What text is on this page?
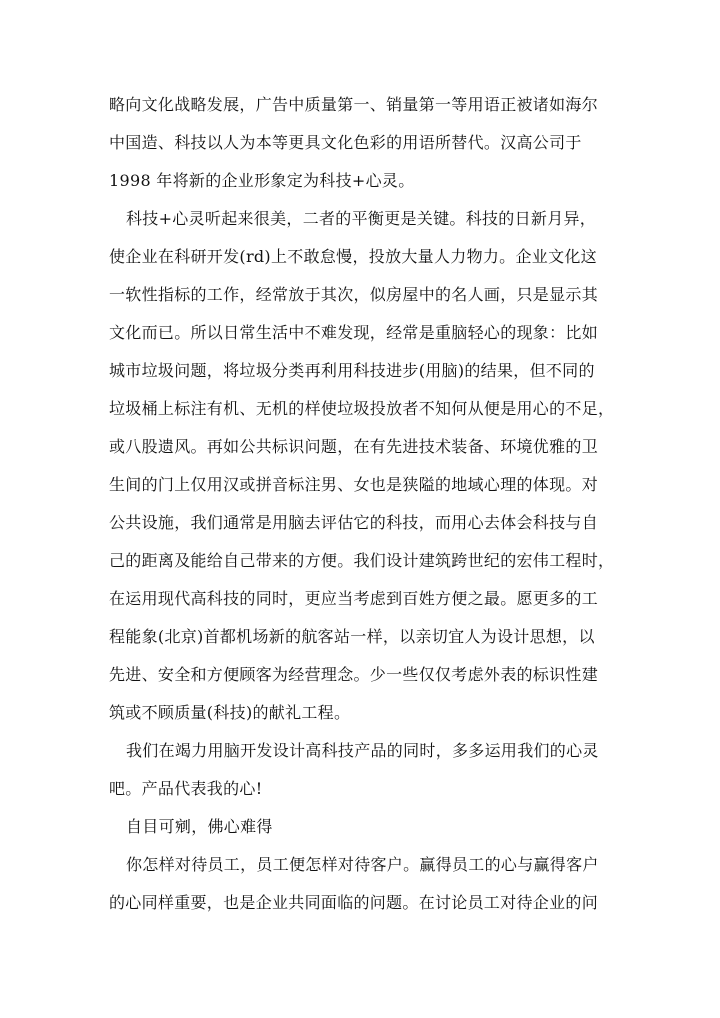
略向文化战略发展，广告中质量第一、销量第一等用语正被诸如海尔
中国造、科技以人为本等更具文化色彩的用语所替代。汉高公司于
1998 年将新的企业形象定为科技+心灵。
科技+心灵听起来很美，二者的平衡更是关键。科技的日新月异，
使企业在科研开发(rd)上不敢怠慢，投放大量人力物力。企业文化这
一软性指标的工作，经常放于其次，似房屋中的名人画，只是显示其
文化而已。所以日常生活中不难发现，经常是重脑轻心的现象：比如
城市垃圾问题，将垃圾分类再利用科技进步(用脑)的结果，但不同的
垃圾桶上标注有机、无机的样使垃圾投放者不知何从便是用心的不足，
或八股遗风。再如公共标识问题，在有先进技术装备、环境优雅的卫
生间的门上仅用汉或拼音标注男、女也是狭隘的地域心理的体现。对
公共设施，我们通常是用脑去评估它的科技，而用心去体会科技与自
己的距离及能给自己带来的方便。我们设计建筑跨世纪的宏伟工程时，
在运用现代高科技的同时，更应当考虑到百姓方便之最。愿更多的工
程能象(北京)首都机场新的航客站一样，以亲切宜人为设计思想，以
先进、安全和方便顾客为经营理念。少一些仅仅考虑外表的标识性建
筑或不顾质量(科技)的献礼工程。
我们在竭力用脑开发设计高科技产品的同时，多多运用我们的心灵
吧。产品代表我的心!
自目可剜，佛心难得
你怎样对待员工，员工便怎样对待客户。赢得员工的心与赢得客户
的心同样重要，也是企业共同面临的问题。在讨论员工对待企业的问
